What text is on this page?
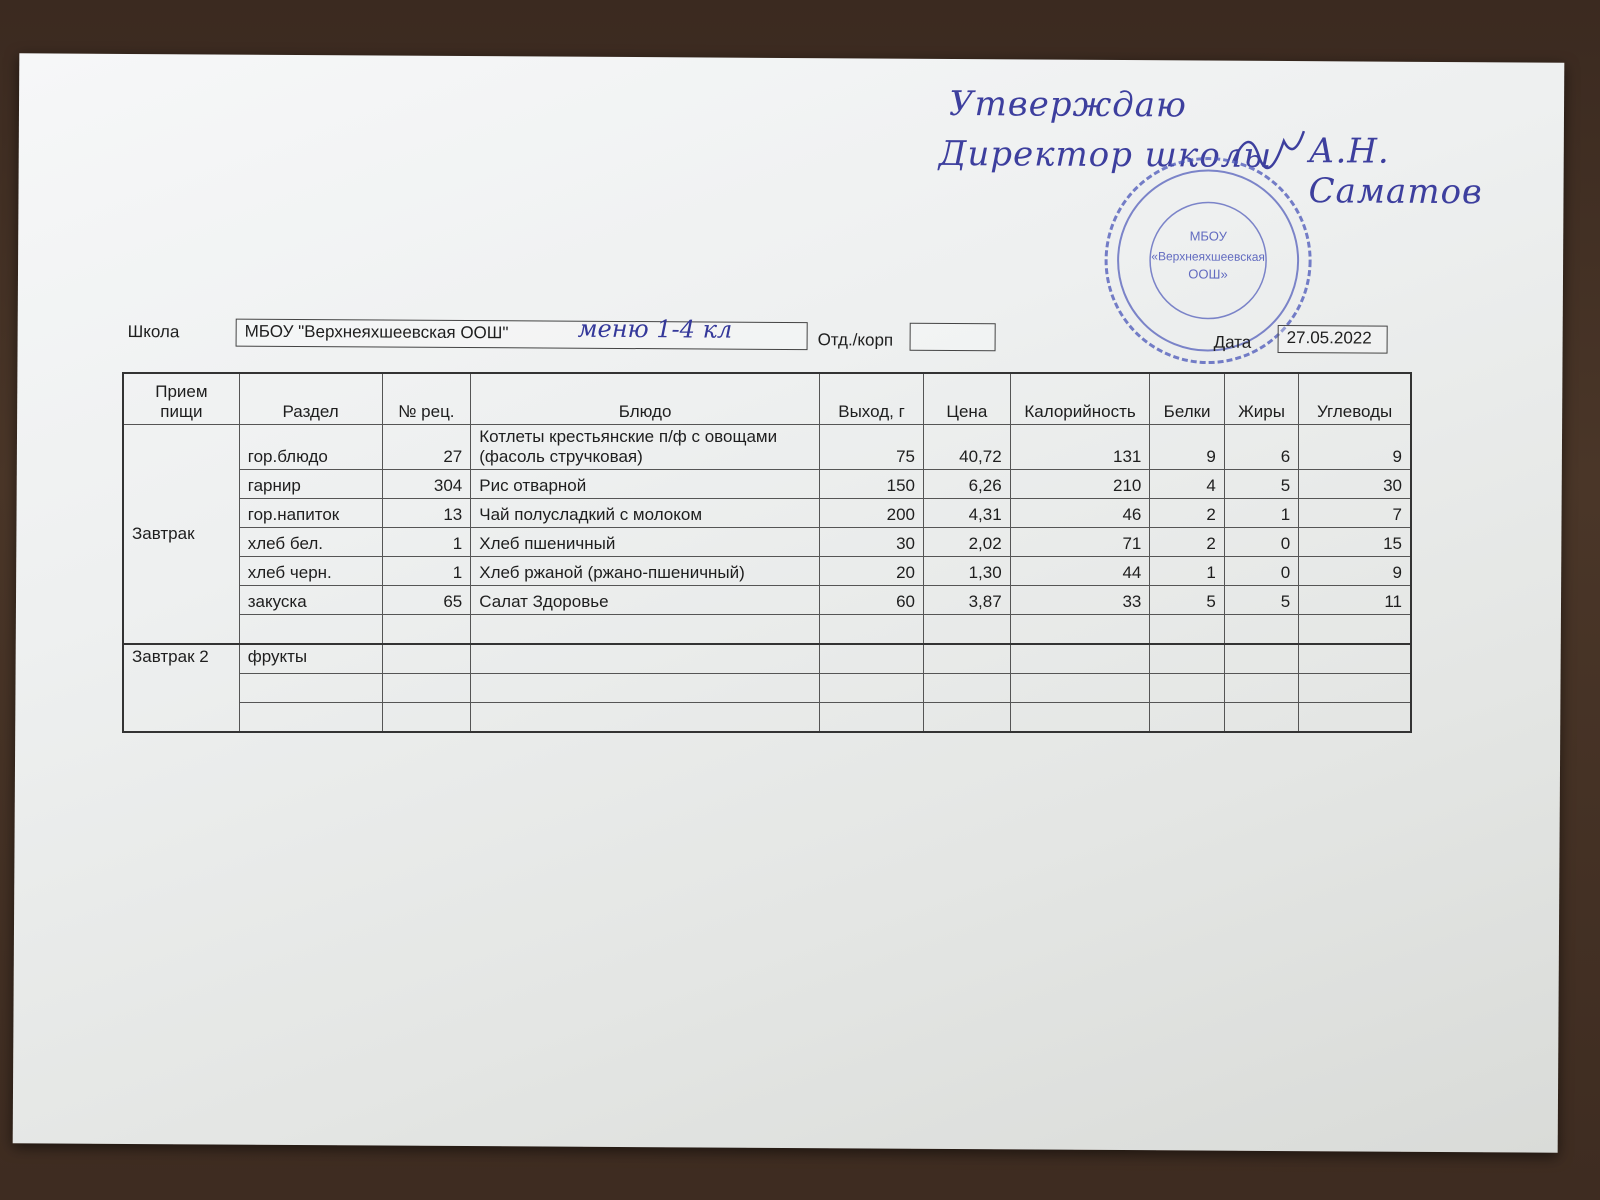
Утверждаю
Директор школы А.Н. Саматов
МБОУ
«Верхнеяхшеевская
ООШ»
Школа	МБОУ "Верхнеяхшеевская ООШ"	меню 1-4 кл	Отд./корп	Дата	27.05.2022
Прием пищи	Раздел	№ рец.	Блюдо	Выход, г	Цена	Калорийность	Белки	Жиры	Углеводы
Завтрак	гор.блюдо	27	Котлеты крестьянские п/ф с овощами (фасоль стручковая)	75	40,72	131	9	6	9
	гарнир	304	Рис отварной	150	6,26	210	4	5	30
	гор.напиток	13	Чай полусладкий с молоком	200	4,31	46	2	1	7
	хлеб бел.	1	Хлеб пшеничный	30	2,02	71	2	0	15
	хлеб черн.	1	Хлеб ржаной (ржано-пшеничный)	20	1,30	44	1	0	9
	закуска	65	Салат Здоровье	60	3,87	33	5	5	11

Завтрак 2	фрукты								
